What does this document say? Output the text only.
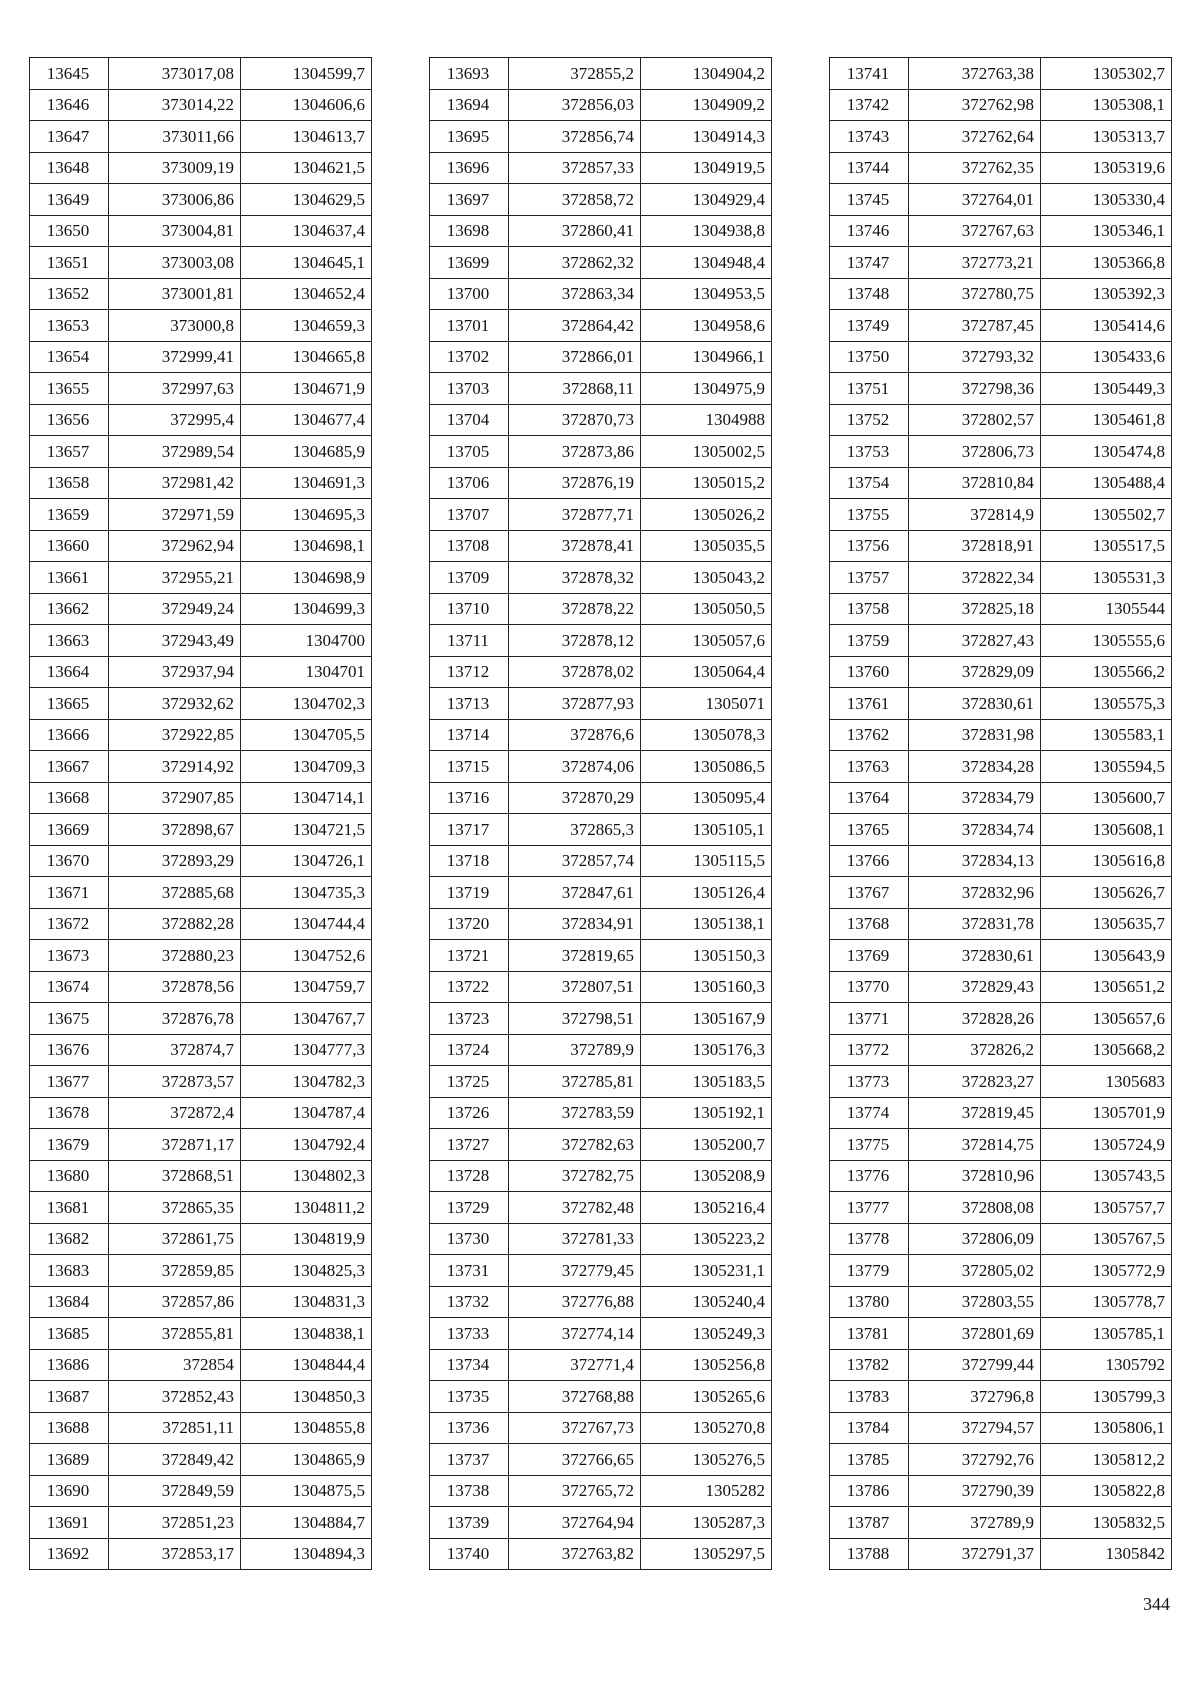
13645	373017,08	1304599,7
13646	373014,22	1304606,6
13647	373011,66	1304613,7
13648	373009,19	1304621,5
13649	373006,86	1304629,5
13650	373004,81	1304637,4
13651	373003,08	1304645,1
13652	373001,81	1304652,4
13653	373000,8	1304659,3
13654	372999,41	1304665,8
13655	372997,63	1304671,9
13656	372995,4	1304677,4
13657	372989,54	1304685,9
13658	372981,42	1304691,3
13659	372971,59	1304695,3
13660	372962,94	1304698,1
13661	372955,21	1304698,9
13662	372949,24	1304699,3
13663	372943,49	1304700
13664	372937,94	1304701
13665	372932,62	1304702,3
13666	372922,85	1304705,5
13667	372914,92	1304709,3
13668	372907,85	1304714,1
13669	372898,67	1304721,5
13670	372893,29	1304726,1
13671	372885,68	1304735,3
13672	372882,28	1304744,4
13673	372880,23	1304752,6
13674	372878,56	1304759,7
13675	372876,78	1304767,7
13676	372874,7	1304777,3
13677	372873,57	1304782,3
13678	372872,4	1304787,4
13679	372871,17	1304792,4
13680	372868,51	1304802,3
13681	372865,35	1304811,2
13682	372861,75	1304819,9
13683	372859,85	1304825,3
13684	372857,86	1304831,3
13685	372855,81	1304838,1
13686	372854	1304844,4
13687	372852,43	1304850,3
13688	372851,11	1304855,8
13689	372849,42	1304865,9
13690	372849,59	1304875,5
13691	372851,23	1304884,7
13692	372853,17	1304894,3
13693	372855,2	1304904,2
13694	372856,03	1304909,2
13695	372856,74	1304914,3
13696	372857,33	1304919,5
13697	372858,72	1304929,4
13698	372860,41	1304938,8
13699	372862,32	1304948,4
13700	372863,34	1304953,5
13701	372864,42	1304958,6
13702	372866,01	1304966,1
13703	372868,11	1304975,9
13704	372870,73	1304988
13705	372873,86	1305002,5
13706	372876,19	1305015,2
13707	372877,71	1305026,2
13708	372878,41	1305035,5
13709	372878,32	1305043,2
13710	372878,22	1305050,5
13711	372878,12	1305057,6
13712	372878,02	1305064,4
13713	372877,93	1305071
13714	372876,6	1305078,3
13715	372874,06	1305086,5
13716	372870,29	1305095,4
13717	372865,3	1305105,1
13718	372857,74	1305115,5
13719	372847,61	1305126,4
13720	372834,91	1305138,1
13721	372819,65	1305150,3
13722	372807,51	1305160,3
13723	372798,51	1305167,9
13724	372789,9	1305176,3
13725	372785,81	1305183,5
13726	372783,59	1305192,1
13727	372782,63	1305200,7
13728	372782,75	1305208,9
13729	372782,48	1305216,4
13730	372781,33	1305223,2
13731	372779,45	1305231,1
13732	372776,88	1305240,4
13733	372774,14	1305249,3
13734	372771,4	1305256,8
13735	372768,88	1305265,6
13736	372767,73	1305270,8
13737	372766,65	1305276,5
13738	372765,72	1305282
13739	372764,94	1305287,3
13740	372763,82	1305297,5
13741	372763,38	1305302,7
13742	372762,98	1305308,1
13743	372762,64	1305313,7
13744	372762,35	1305319,6
13745	372764,01	1305330,4
13746	372767,63	1305346,1
13747	372773,21	1305366,8
13748	372780,75	1305392,3
13749	372787,45	1305414,6
13750	372793,32	1305433,6
13751	372798,36	1305449,3
13752	372802,57	1305461,8
13753	372806,73	1305474,8
13754	372810,84	1305488,4
13755	372814,9	1305502,7
13756	372818,91	1305517,5
13757	372822,34	1305531,3
13758	372825,18	1305544
13759	372827,43	1305555,6
13760	372829,09	1305566,2
13761	372830,61	1305575,3
13762	372831,98	1305583,1
13763	372834,28	1305594,5
13764	372834,79	1305600,7
13765	372834,74	1305608,1
13766	372834,13	1305616,8
13767	372832,96	1305626,7
13768	372831,78	1305635,7
13769	372830,61	1305643,9
13770	372829,43	1305651,2
13771	372828,26	1305657,6
13772	372826,2	1305668,2
13773	372823,27	1305683
13774	372819,45	1305701,9
13775	372814,75	1305724,9
13776	372810,96	1305743,5
13777	372808,08	1305757,7
13778	372806,09	1305767,5
13779	372805,02	1305772,9
13780	372803,55	1305778,7
13781	372801,69	1305785,1
13782	372799,44	1305792
13783	372796,8	1305799,3
13784	372794,57	1305806,1
13785	372792,76	1305812,2
13786	372790,39	1305822,8
13787	372789,9	1305832,5
13788	372791,37	1305842
344
